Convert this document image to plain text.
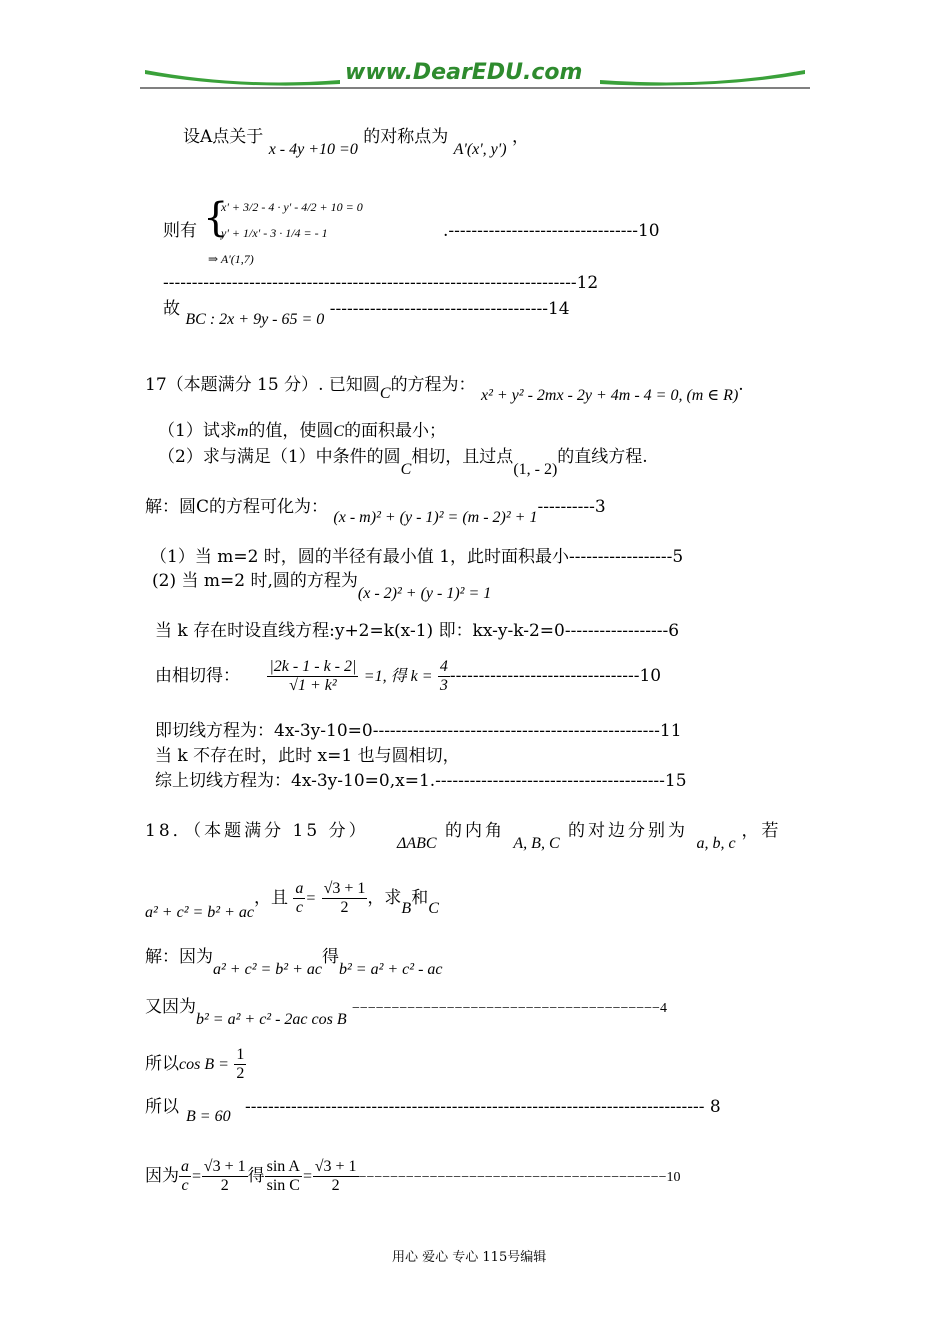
www.DearEDU.com
设A点关于 x - 4y +10 =0 的对称点为 A'(x', y') ，
则有 {
x' + 3/2 - 4 · y' - 4/2 + 10 = 0
y' + 1/x' - 3 · 1/4 = - 1
⇒ A'(1,7)
.---------------------------------10
------------------------------------------------------------------------12
故 BC : 2x + 9y - 65 = 0 --------------------------------------14
17（本题满分 15 分）. 已知圆C的方程为： x² + y² - 2mx - 2y + 4m - 4 = 0, (m ∈ R).
（1）试求m的值，使圆C的面积最小；
（2）求与满足（1）中条件的圆C相切，且过点(1, - 2)的直线方程.
解：圆C的方程可化为： (x - m)² + (y - 1)² = (m - 2)² + 1----------3
（1）当 m=2 时，圆的半径有最小值 1，此时面积最小------------------5
(2) 当 m=2 时,圆的方程为(x - 2)² + (y - 1)² = 1
当 k 存在时设直线方程:y+2=k(x-1) 即：kx-y-k-2=0------------------6
由相切得： $\frac{|2k - 1 - k - 2|}{\text{√1 + k²}} =1$, 得 $k = \frac{4}{3} ---------------------------------10$
即切线方程为：4x-3y-10=0--------------------------------------------------11
当 k 不存在时，此时 x=1 也与圆相切，
综上切线方程为：4x-3y-10=0,x=1.----------------------------------------15
18．（本题满分 15 分） ΔABC 的内角 A, B, C 的对边分别为 a, b, c，若
a² + c² = b² + ac，且 $\frac{a}{c} = \frac{√3 + 1}{2}$ ，求B和C
解：因为a² + c² = b² + ac得b² = a² + c² - ac
又因为b² = a² + c² - 2ac cos B −−−−−−−−−−−−−−−−−−−−−−−−−−−−−−−−−−−−−−−4
所以$\cos B = \frac{1}{2}$
所以	-------------------------------------------------------------------------------- 8
B = 60
因为 $\frac{a}{c} = \frac{√3 + 1}{2}$ 得 $\frac{\text{sin A}}{\text{sin C}} = \frac{√3 + 1}{2} ---------------------------------------10$
用心 爱心 专心 115号编辑
